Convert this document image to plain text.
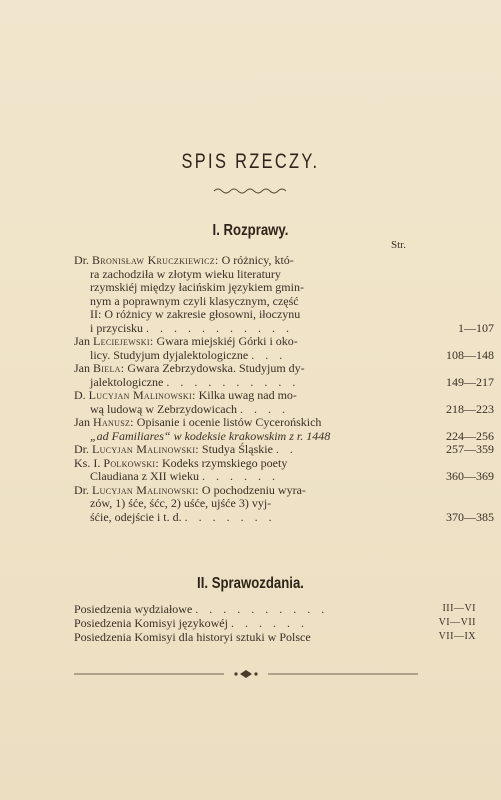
SPIS RZECZY.
I. Rozprawy.
Str.
Dr. Bronisław Kruczkiewicz: O różnicy, któ-
ra zachodziła w złotym wieku literatury
rzymskiéj między łacińskim językiem gmin-
nym a poprawnym czyli klasycznym, część
II: O różnicy w zakresie głosowni, iłoczynu
i przycisku . . . . . . . . . . .	1—107
Jan Leciejewski: Gwara miejskiéj Górki i oko-
licy. Studyjum dyjalektologiczne . . .	108—148
Jan Biela: Gwara Zebrzydowska. Studyjum dy-
jalektologiczne . . . . . . . . . .	149—217
D. Lucyjan Malinowski: Kilka uwag nad mo-
wą ludową w Zebrzydowicach . . . .	218—223
Jan Hanusz: Opisanie i ocenie listów Cycerońskich
„ad Familiares“ w kodeksie krakowskim z r. 1448	224—256
Dr. Lucyjan Malinowski: Studya Śląskie . .	257—359
Ks. I. Polkowski: Kodeks rzymskiego poety
Claudiana z XII wieku . . . . . .	360—369
Dr. Lucyjan Malinowski: O pochodzeniu wyra-
zów, 1) śće, śćc, 2) uśće, ujśće 3) vyj-
śćie, odejście i t. d. . . . . . . .	370—385
II. Sprawozdania.
Posiedzenia wydziałowe . . . . . . . . . .	III—VI
Posiedzenia Komisyi językowéj . . . . . .	VI—VII
Posiedzenia Komisyi dla historyi sztuki w Polsce	VII—IX
